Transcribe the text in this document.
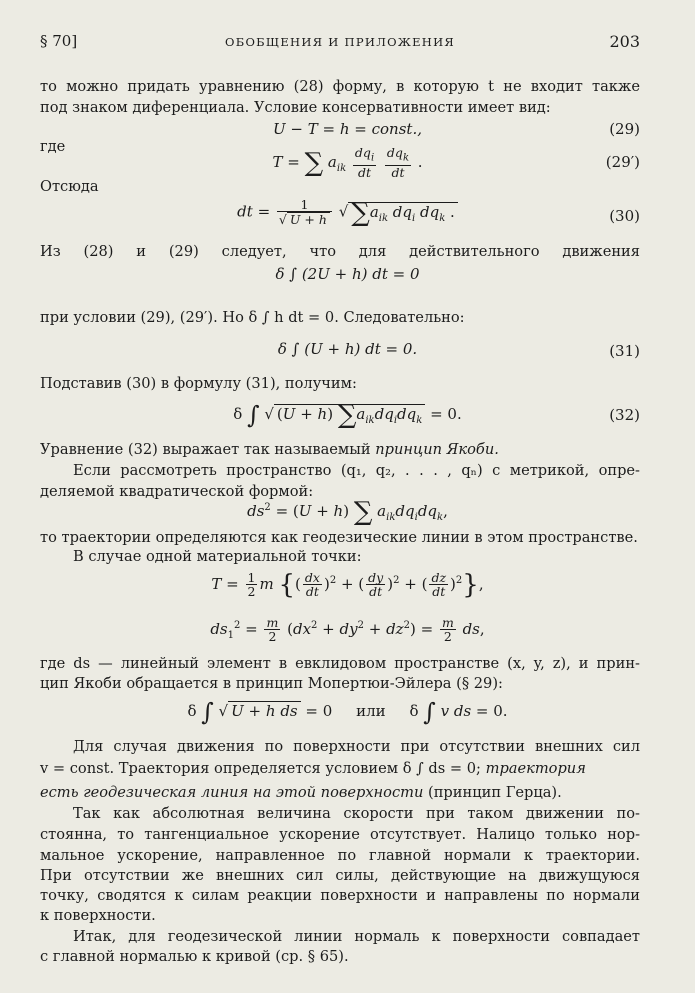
§ 70]	ОБОБЩЕНИЯ И ПРИЛОЖЕНИЯ	203
то можно придать уравнению (28) форму, в которую t не входит также
под знаком диференциала. Условие консервативности имеет вид:
U − T = h = const.,	(29)
где
T = ∑ $a_{ik} \frac{dq_i}{dt}$
$\frac{dq_k}{dt}$ .	(29′)
Отсюда
dt = $\frac{1}{√ U + h}$ √ $\sum a_{ik}$ $dq_i$ $dq_k$ .	(30)
Из (28) и (29) следует, что для действительного движения
δ ∫ (2U + h) dt = 0
при условии (29), (29′). Но δ ∫ h dt = 0. Следовательно:
δ ∫ (U + h) dt = 0.	(31)
Подставив (30) в формулу (31), получим:
δ ∫ √ (U + h) $\sum a_{ik}dq_idq_k = 0$.	(32)
Уравнение (32) выражает так называемый принцип Якоби.
Если рассмотреть пространство (q₁, q₂, . . . , qₙ) с метрикой, опре-
деляемой квадратической формой:
$ds^2 = (U + h)$ ∑ $a_{ik}dq_idq_k$,
то траектории определяются как геодезические линии в этом пространстве.
В случае одной материальной точки:
$T = \frac{1}{2}$ m {( $\frac{dx}{dt} )^2$ + ( $\frac{dy}{dt} )^2$ + ( $\frac{dz}{dt} )^2$},
$ds_1^2 = \frac{m}{2} (dx^2 + dy^2 + dz^2) = \frac{m}{2}$ ds,
где ds — линейный элемент в евклидовом пространстве (x, y, z), и прин-
цип Якоби обращается в принцип Мопертюи-Эйлера (§ 29):
δ ∫ √ U + h ds = 0     или     δ ∫ v ds = 0.
Для случая движения по поверхности при отсутствии внешних сил
v = const. Траектория определяется условием δ ∫ ds = 0; траектория
есть геодезическая линия на этой поверхности (принцип Герца).
Так как абсолютная величина скорости при таком движении по-
стоянна, то тангенциальное ускорение отсутствует. Налицо только нор-
мальное ускорение, направленное по главной нормали к траектории.
При отсутствии же внешних сил силы, действующие на движущуюся
точку, сводятся к силам реакции поверхности и направлены по нормали
к поверхности.
Итак, для геодезической линии нормаль к поверхности совпадает
с главной нормалью к кривой (ср. § 65).
